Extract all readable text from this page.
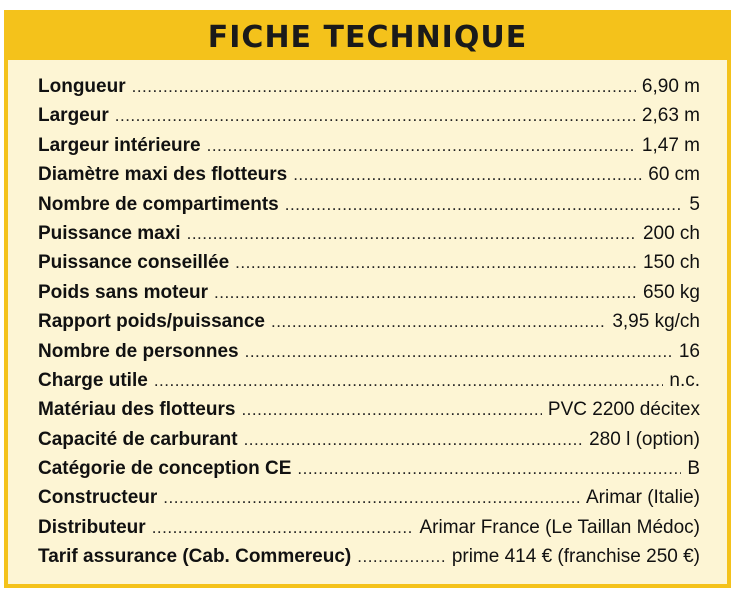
FICHE TECHNIQUE
Longueur .....	6,90 m
Largeur .....	2,63 m
Largeur intérieure .....	1,47 m
Diamètre maxi des flotteurs .....	60 cm
Nombre de compartiments .....	5
Puissance maxi .....	200 ch
Puissance conseillée .....	150 ch
Poids sans moteur .....	650 kg
Rapport poids/puissance .....	3,95 kg/ch
Nombre de personnes .....	16
Charge utile .....	n.c.
Matériau des flotteurs .....	PVC 2200 décitex
Capacité de carburant .....	280 l (option)
Catégorie de conception CE .....	B
Constructeur .....	Arimar (Italie)
Distributeur .....	Arimar France (Le Taillan Médoc)
Tarif assurance (Cab. Commereuc) .....	prime 414 € (franchise 250 €)
